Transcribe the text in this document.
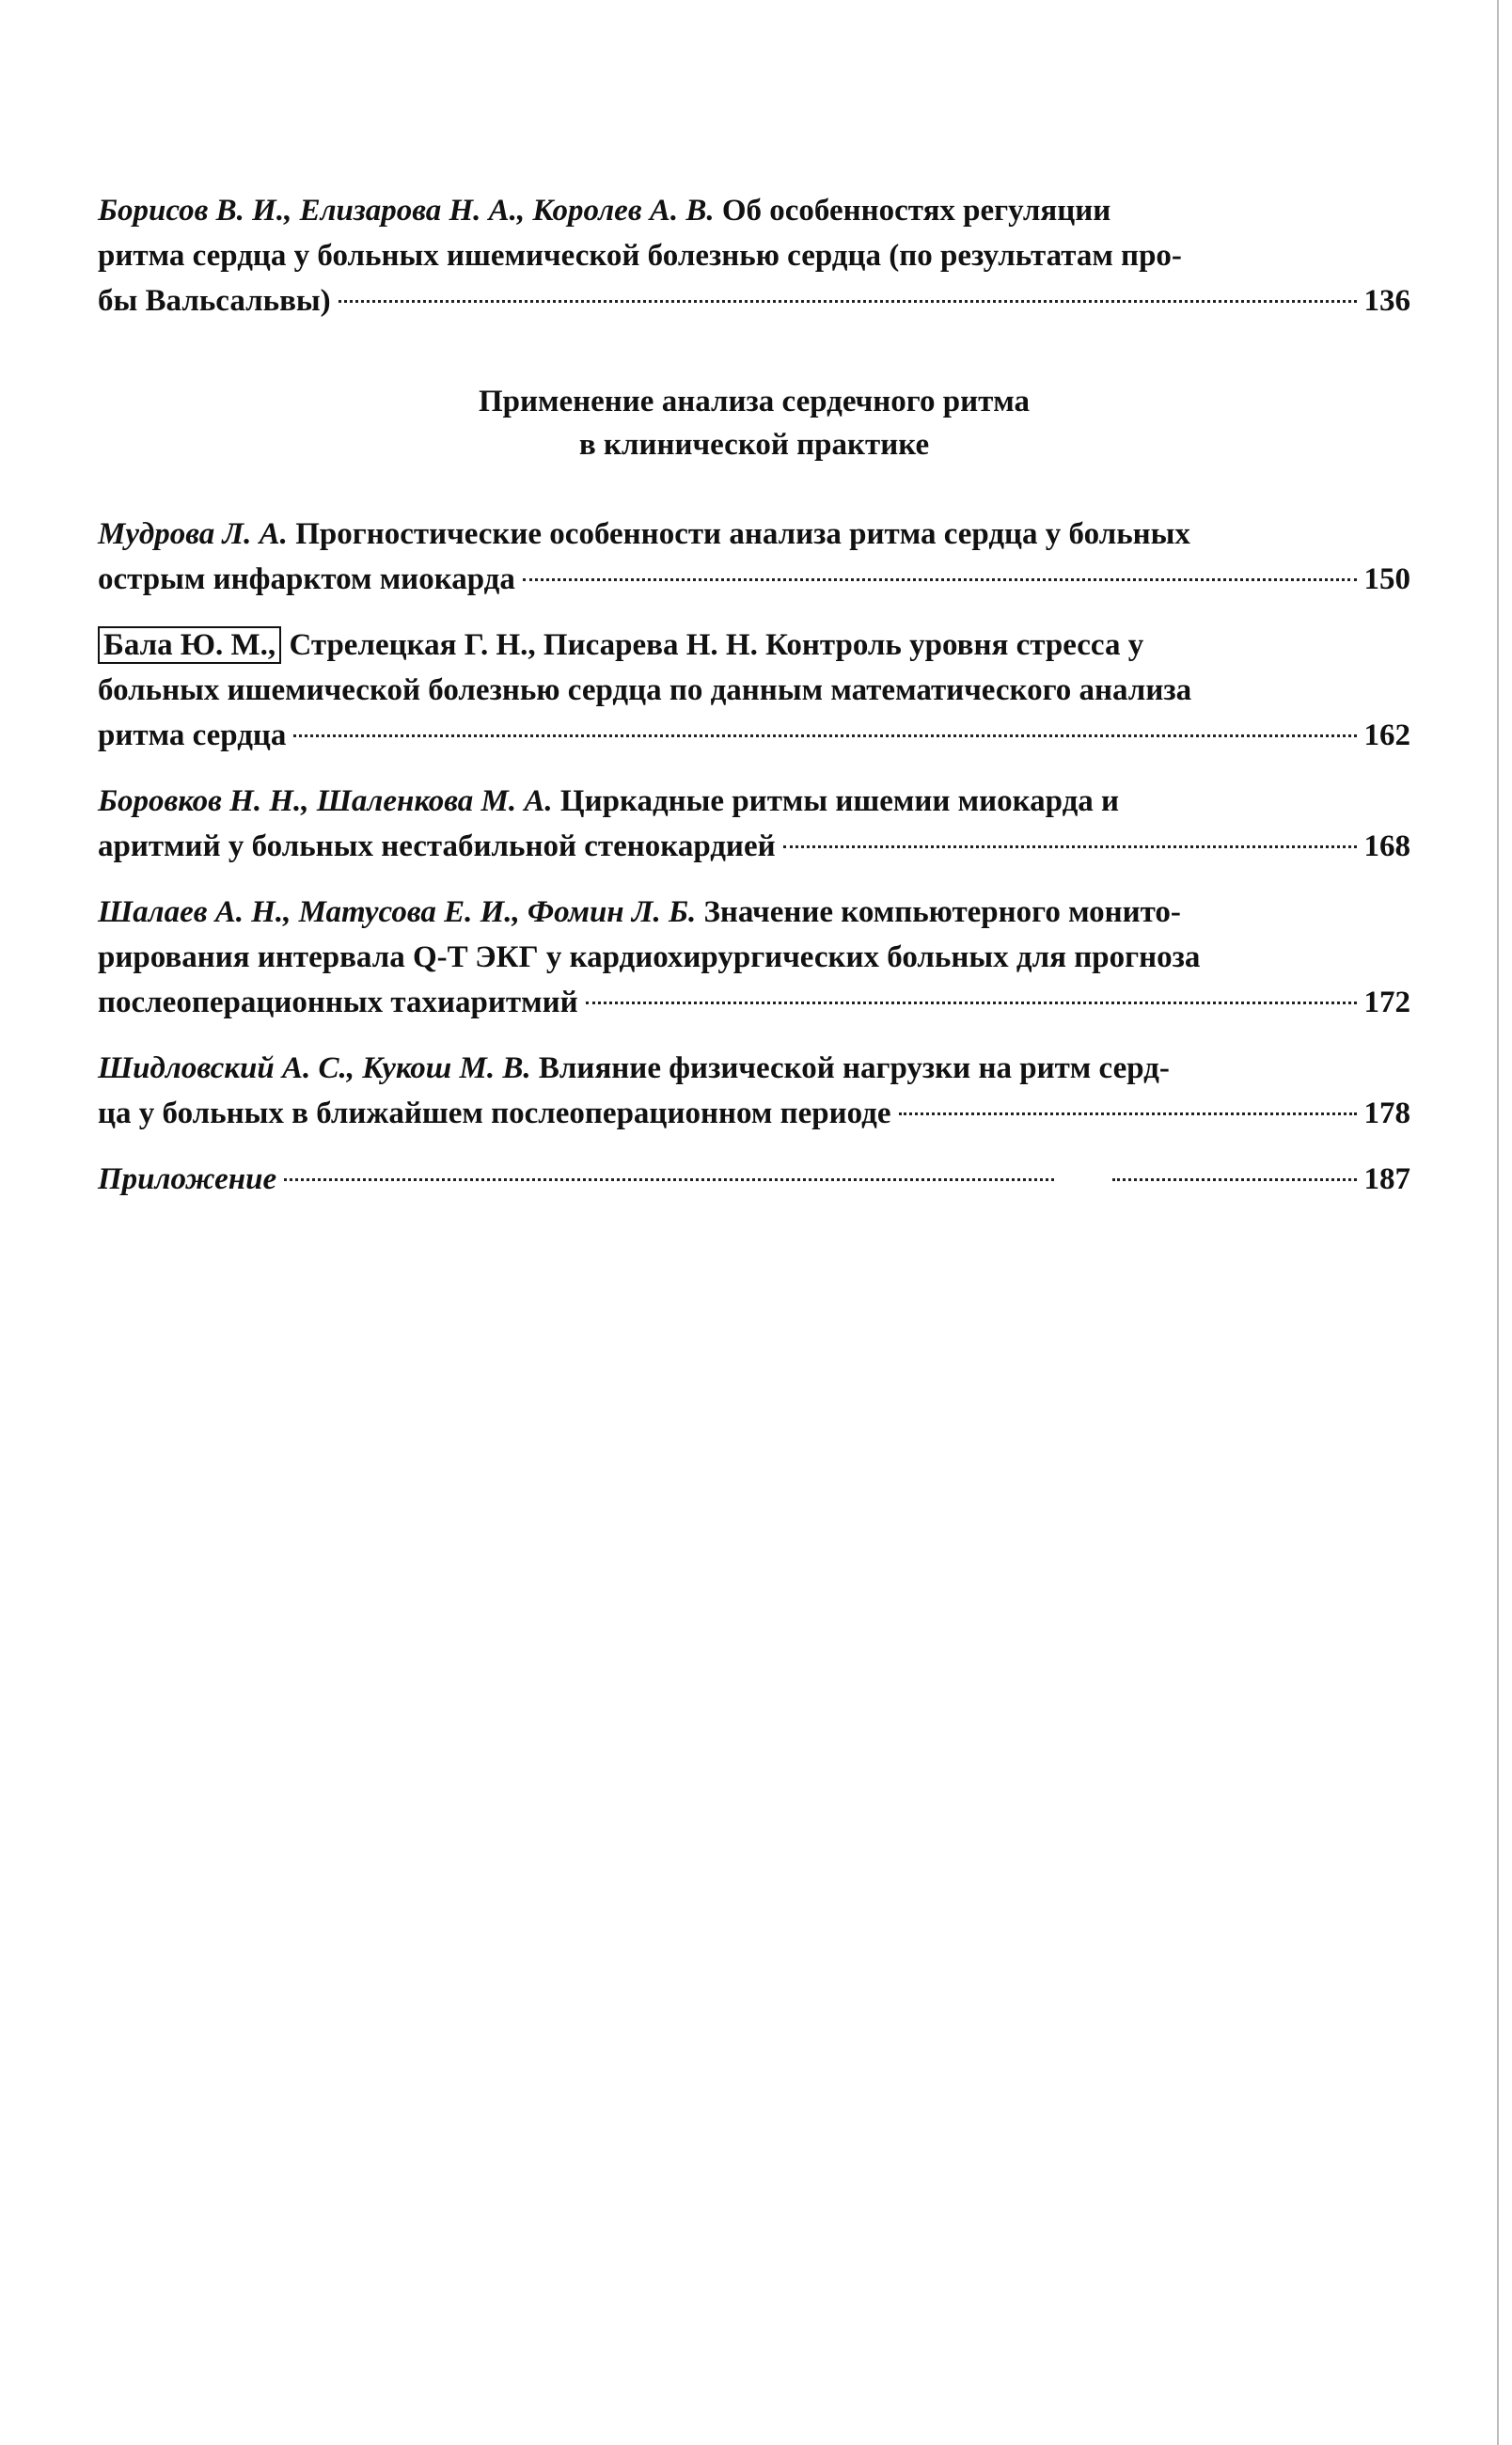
Борисов В. И., Елизарова Н. А., Королев А. В. Об особенностях регуляции
ритма сердца у больных ишемической болезнью сердца (по результатам про-
бы Вальсальвы)	136
Применение анализа сердечного ритма
в клинической практике
Мудрова Л. А. Прогностические особенности анализа ритма сердца у больных
острым инфарктом миокарда	150
Бала Ю. М., Стрелецкая Г. Н., Писарева Н. Н. Контроль уровня стресса у
больных ишемической болезнью сердца по данным математического анализа
ритма сердца	162
Боровков Н. Н., Шаленкова М. А. Циркадные ритмы ишемии миокарда и
аритмий у больных нестабильной стенокардией	168
Шалаев А. Н., Матусова Е. И., Фомин Л. Б. Значение компьютерного монито-
рирования интервала Q-T ЭКГ у кардиохирургических больных для прогноза
послеоперационных тахиаритмий	172
Шидловский А. С., Кукош М. В. Влияние физической нагрузки на ритм серд-
ца у больных в ближайшем послеоперационном периоде	178
Приложение	187
